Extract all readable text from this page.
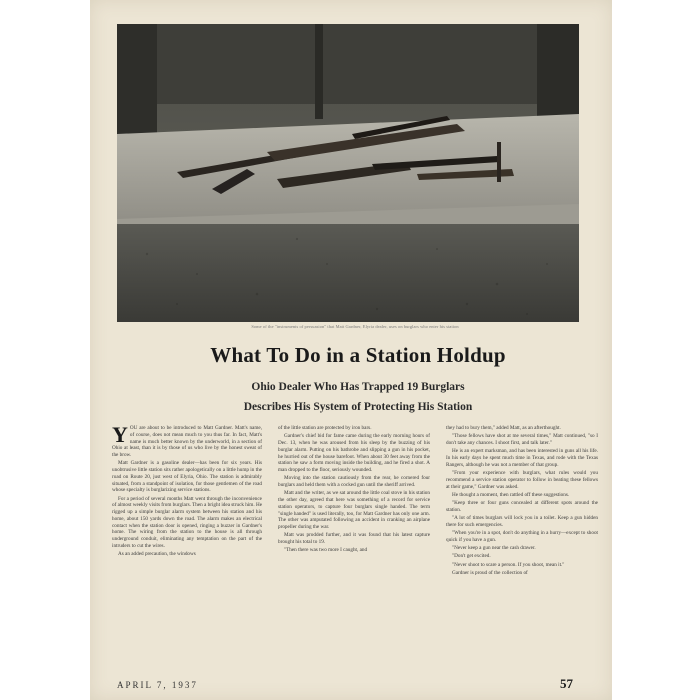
Some of the "instruments of persuasion" that Matt Gardner, Elyria dealer, uses on burglars who enter his station
What To Do in a Station Holdup
Ohio Dealer Who Has Trapped 19 Burglars
Describes His System of Protecting His Station

YOU are about to be introduced to Matt Gardner. Matt's name, of course, does not mean much to you thus far. In fact, Matt's name is much better known by the underworld, in a section of Ohio at least, than it is by those of us who live by the honest sweat of the brow.

Matt Gardner is a gasoline dealer—has been for six years. His unobtrusive little station sits rather apologetically on a little hump in the road on Route 20, just west of Elyria, Ohio. The station is admirably situated, from a standpoint of isolation, for those gentlemen of the road whose specialty is burglarizing service stations.

For a period of several months Matt went through the inconvenience of almost weekly visits from burglars. Then a bright idea struck him. He rigged up a simple burglar alarm system between his station and his home, about 150 yards down the road. The alarm makes an electrical contact when the station door is opened, ringing a buzzer in Gardner's home. The wiring from the station to the house is all through underground conduit, eliminating any temptation on the part of the intruders to cut the wires.

As an added precaution, the windows

of the little station are protected by iron bars.

Gardner's chief bid for fame came during the early morning hours of Dec. 13, when he was aroused from his sleep by the buzzing of his burglar alarm. Putting on his bathrobe and slipping a gun in his pocket, he hurried out of the house barefoot. When about 30 feet away from the station he saw a form moving inside the building, and he fired a shot. A man dropped to the floor, seriously wounded.

Moving into the station cautiously from the rear, he cornered four burglars and held them with a cocked gun until the sheriff arrived.

Matt and the writer, as we sat around the little coal stove in his station the other day, agreed that here was something of a record for service station operators, to capture four burglars single handed. The term "single handed" is used literally, too, for Matt Gardner has only one arm. The other was amputated following an accident in cranking an airplane propeller during the war.

Matt was prodded further, and it was found that his latest capture brought his total to 19.

"Then there was two more I caught, and

they had to bury them," added Matt, as an afterthought.

"Those fellows have shot at me several times," Matt continued, "so I don't take any chances. I shoot first, and talk later."

He is an expert marksman, and has been interested in guns all his life. In his early days he spent much time in Texas, and rode with the Texas Rangers, although he was not a member of that group.

"From your experience with burglars, what rules would you recommend a service station operator to follow in beating these fellows at their game," Gardner was asked.

He thought a moment, then rattled off these suggestions.

"Keep three or four guns concealed at different spots around the station.

"A lot of times burglars will lock you in a toilet. Keep a gun hidden there for such emergencies.

"When you're in a spot, don't do anything in a hurry—except to shoot quick if you have a gun.

"Never keep a gun near the cash drawer.

"Don't get excited.

"Never shoot to scare a person. If you shoot, mean it."

Gardner is proud of the collection of

APRIL 7, 1937	57
